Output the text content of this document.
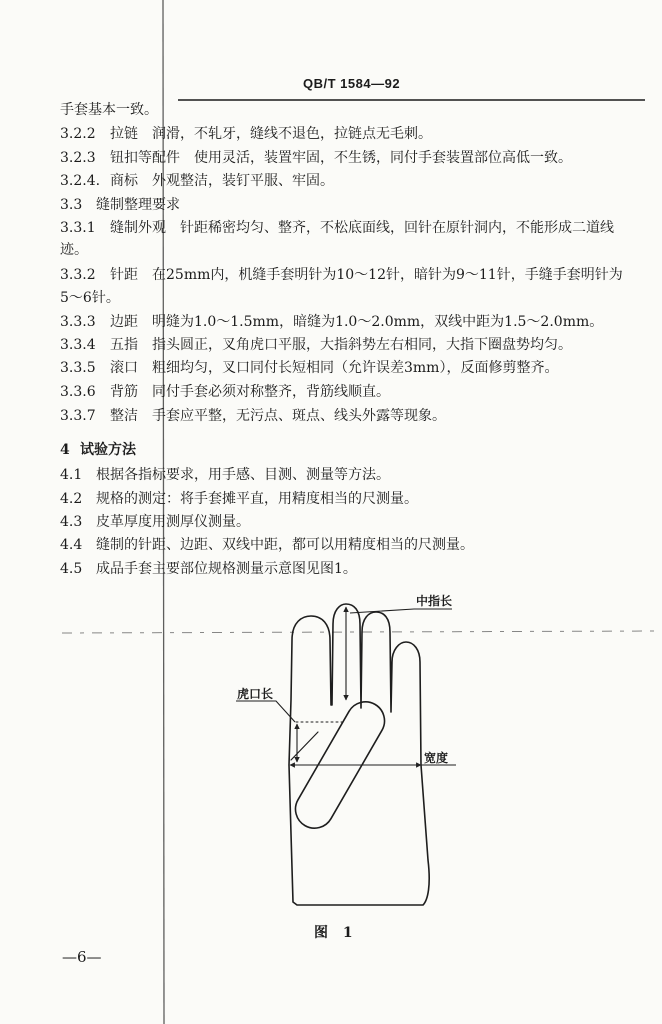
QB/T 1584—92
手套基本一致。
3.2.2 拉链 润滑，不轧牙，缝线不退色，拉链点无毛刺。
3.2.3 钮扣等配件 使用灵活，装置牢固，不生锈，同付手套装置部位高低一致。
3.2.4. 商标 外观整洁，装钉平服、牢固。
3.3 缝制整理要求
3.3.1 缝制外观 针距稀密均匀、整齐，不松底面线，回针在原针洞内，不能形成二道线
迹。
3.3.2 针距 在25mm内，机缝手套明针为10～12针，暗针为9～11针，手缝手套明针为
5～6针。
3.3.3 边距 明缝为1.0～1.5mm，暗缝为1.0～2.0mm，双线中距为1.5～2.0mm。
3.3.4 五指 指头圆正，叉角虎口平服，大指斜势左右相同，大指下圈盘势均匀。
3.3.5 滚口 粗细均匀，叉口同付长短相同（允许误差3mm），反面修剪整齐。
3.3.6 背筋 同付手套必须对称整齐，背筋线顺直。
3.3.7 整洁 手套应平整，无污点、斑点、线头外露等现象。
4 试验方法
4.1 根据各指标要求，用手感、目测、测量等方法。
4.2 规格的测定：将手套摊平直，用精度相当的尺测量。
4.3 皮革厚度用测厚仪测量。
4.4 缝制的针距、边距、双线中距，都可以用精度相当的尺测量。
4.5 成品手套主要部位规格测量示意图见图1。
中指长
虎口长
宽度
图 1
—6—
